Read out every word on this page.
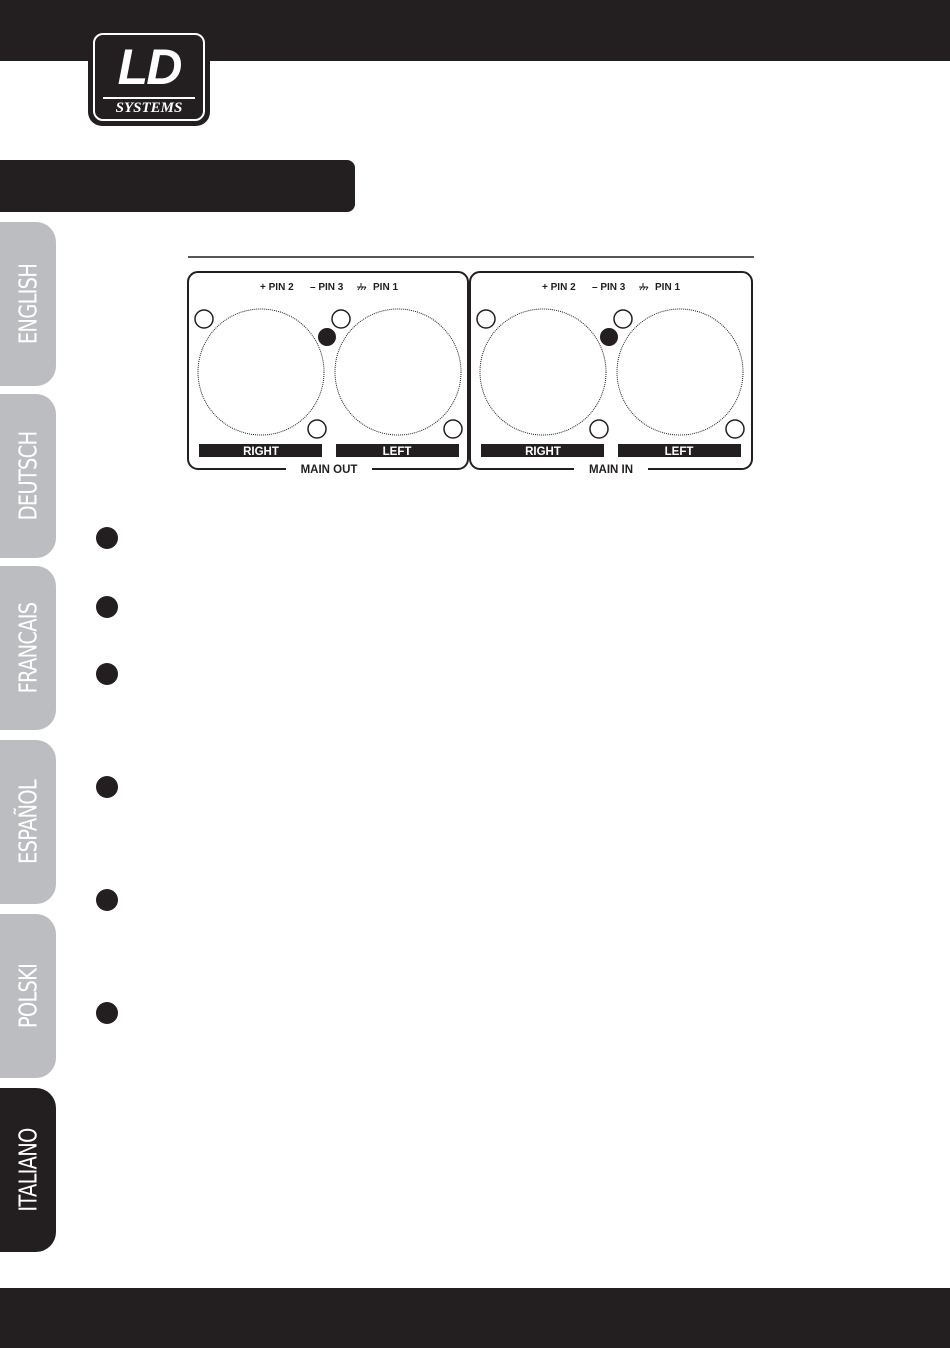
LD
SYSTEMS
ENGLISH
DEUTSCH
FRANCAIS
ESPAÑOL
POLSKI
ITALIANO
+ PIN 2 – PIN 3	PIN 1
RIGHT	LEFT
MAIN OUT
+ PIN 2 – PIN 3	PIN 1
RIGHT	LEFT
MAIN IN
